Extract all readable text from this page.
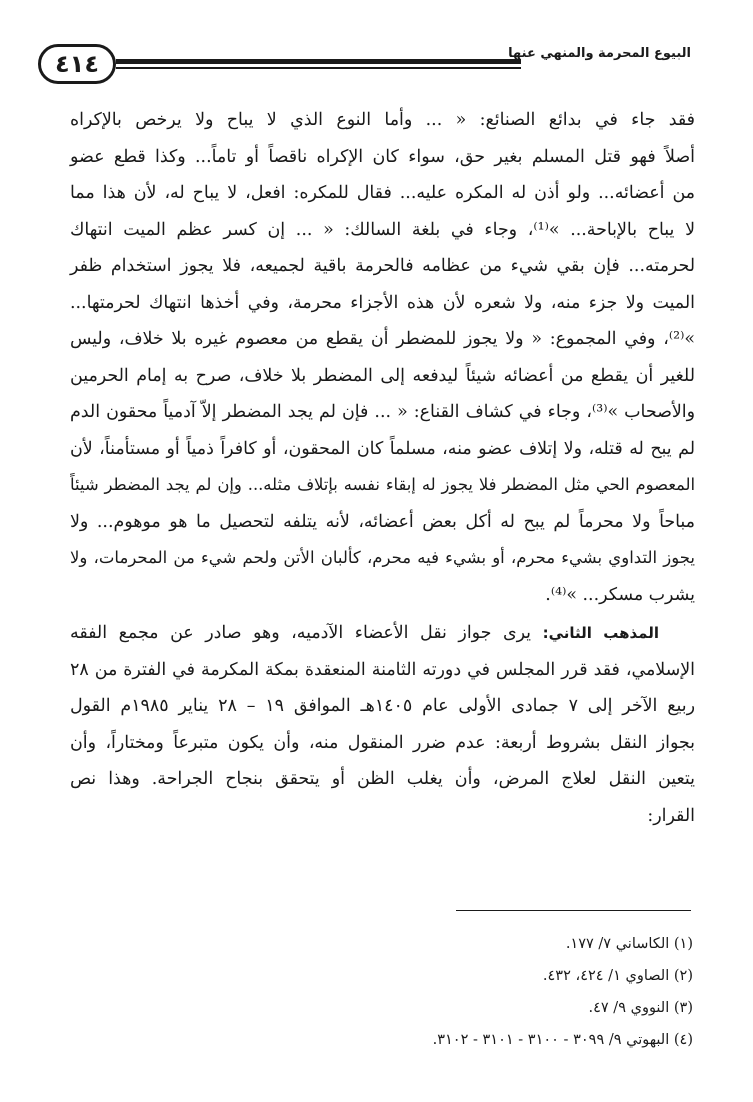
٤١٤	البيوع المحرمة والمنهي عنها
فقد جاء في بدائع الصنائع: « ... وأما النوع الذي لا يباح ولا يرخص بالإكراه
أصلاً فهو قتل المسلم بغير حق، سواء كان الإكراه ناقصاً أو تاماً... وكذا قطع عضو
من أعضائه... ولو أذن له المكره عليه... فقال للمكره: افعل، لا يباح له، لأن هذا مما
لا يباح بالإباحة... »⁽¹⁾، وجاء في بلغة السالك: « ... إن كسر عظم الميت انتهاك
لحرمته... فإن بقي شيء من عظامه فالحرمة باقية لجميعه، فلا يجوز استخدام ظفر
الميت ولا جزء منه، ولا شعره لأن هذه الأجزاء محرمة، وفي أخذها انتهاك لحرمتها...
»⁽²⁾، وفي المجموع: « ولا يجوز للمضطر أن يقطع من معصوم غيره بلا خلاف، وليس
للغير أن يقطع من أعضائه شيئاً ليدفعه إلى المضطر بلا خلاف، صرح به إمام الحرمين
والأصحاب »⁽³⁾، وجاء في كشاف القناع: « ... فإن لم يجد المضطر إلاّ آدمياً محقون الدم
لم يبح له قتله، ولا إتلاف عضو منه، مسلماً كان المحقون، أو كافراً ذمياً أو مستأمناً، لأن
المعصوم الحي مثل المضطر فلا يجوز له إبقاء نفسه بإتلاف مثله... وإن لم يجد المضطر شيئاً
مباحاً ولا محرماً لم يبح له أكل بعض أعضائه، لأنه يتلفه لتحصيل ما هو موهوم... ولا
يجوز التداوي بشيء محرم، أو بشيء فيه محرم، كألبان الأتن ولحم شيء من المحرمات، ولا
يشرب مسكر... »⁽⁴⁾.
المذهب الثاني: يرى جواز نقل الأعضاء الآدميه، وهو صادر عن مجمع الفقه
الإسلامي، فقد قرر المجلس في دورته الثامنة المنعقدة بمكة المكرمة في الفترة من ٢٨
ربيع الآخر إلى ٧ جمادى الأولى عام ١٤٠٥هـ الموافق ١٩ – ٢٨ يناير ١٩٨٥م القول
بجواز النقل بشروط أربعة: عدم ضرر المنقول منه، وأن يكون متبرعاً ومختاراً، وأن
يتعين النقل لعلاج المرض، وأن يغلب الظن أو يتحقق بنجاح الجراحة. وهذا نص
القرار:
(١) الكاساني ٧/ ١٧٧.
(٢) الصاوي ١/ ٤٢٤، ٤٣٢.
(٣) النووي ٩/ ٤٧.
(٤) البهوتي ٩/ ٣٠٩٩ - ٣١٠٠ - ٣١٠١ - ٣١٠٢.
